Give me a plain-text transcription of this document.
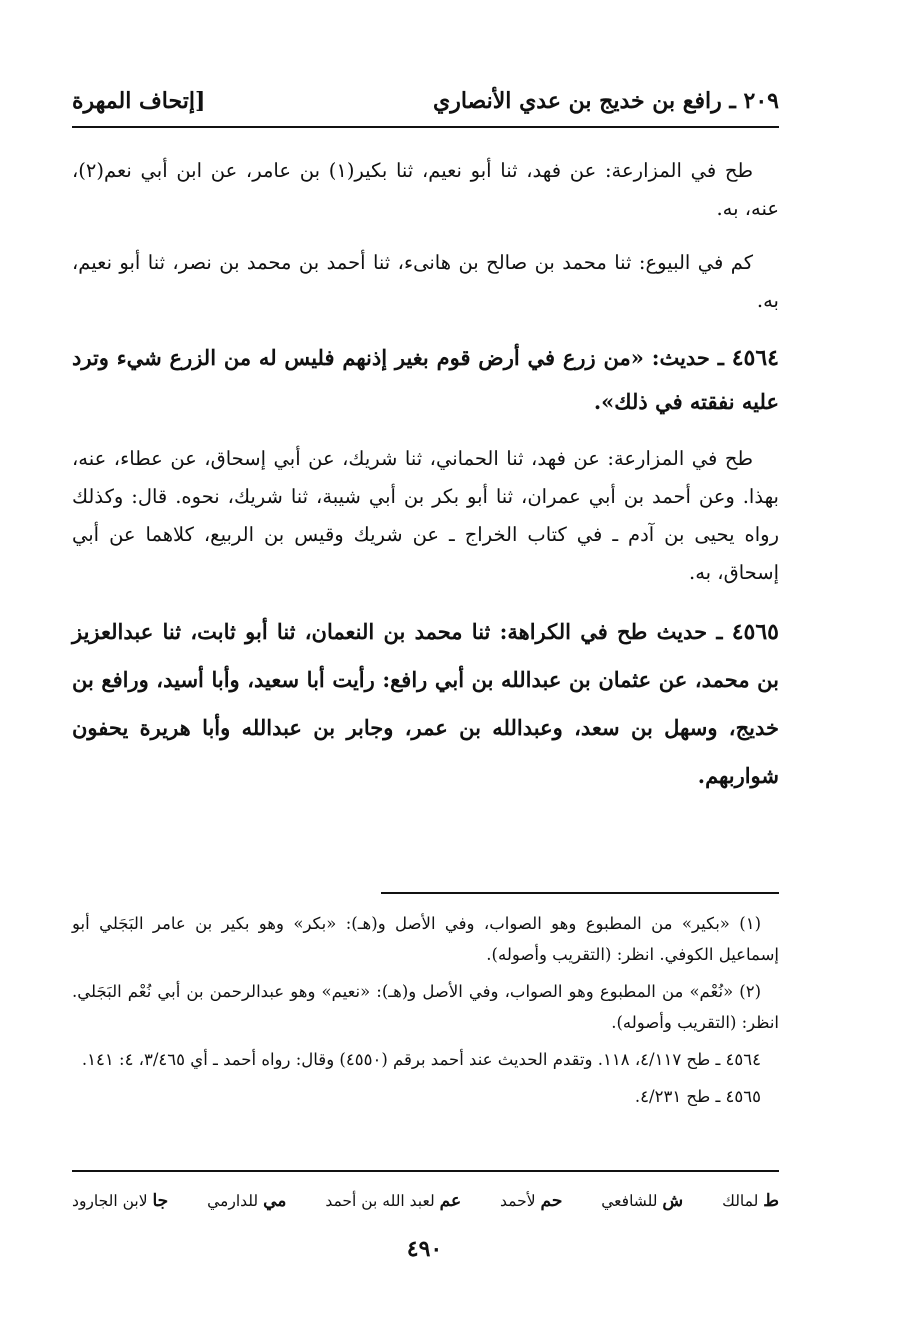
٢٠٩ ـ رافع بن خديج بن عدي الأنصاري
[إتحاف المهرة

طح في المزارعة: عن فهد، ثنا أبو نعيم، ثنا بكير(١) بن عامر، عن ابن أبي نعم(٢)، عنه، به.

كم في البيوع: ثنا محمد بن صالح بن هانىء، ثنا أحمد بن محمد بن نصر، ثنا أبو نعيم، به.

٤٥٦٤ ـ حديث: «من زرع في أرض قوم بغير إذنهم فليس له من الزرع شيء وترد عليه نفقته في ذلك».

طح في المزارعة: عن فهد، ثنا الحماني، ثنا شريك، عن أبي إسحاق، عن عطاء، عنه، بهذا. وعن أحمد بن أبي عمران، ثنا أبو بكر بن أبي شيبة، ثنا شريك، نحوه. قال: وكذلك رواه يحيى بن آدم ـ في كتاب الخراج ـ عن شريك وقيس بن الربيع، كلاهما عن أبي إسحاق، به.

٤٥٦٥ ـ حديث طح في الكراهة: ثنا محمد بن النعمان، ثنا أبو ثابت، ثنا عبدالعزيز بن محمد، عن عثمان بن عبدالله بن أبي رافع: رأيت أبا سعيد، وأبا أسيد، ورافع بن خديج، وسهل بن سعد، وعبدالله بن عمر، وجابر بن عبدالله وأبا هريرة يحفون شواربهم.

(١) «بكير» من المطبوع وهو الصواب، وفي الأصل و(هـ): «بكر» وهو بكير بن عامر البَجَلي أبو إسماعيل الكوفي. انظر: (التقريب وأصوله).

(٢) «نُعْم» من المطبوع وهو الصواب، وفي الأصل و(هـ): «نعيم» وهو عبدالرحمن بن أبي نُعْم البَجَلي. انظر: (التقريب وأصوله).

٤٥٦٤ ـ طح ٤/١١٧، ١١٨. وتقدم الحديث عند أحمد برقم (٤٥٥٠) وقال: رواه أحمد ـ أي ٣/٤٦٥، ٤: ١٤١.

٤٥٦٥ ـ طح ٤/٢٣١.

ط لمالك
ش للشافعي
حم لأحمد
عم لعبد الله بن أحمد
مي للدارمي
جا لابن الجارود
٤٩٠
